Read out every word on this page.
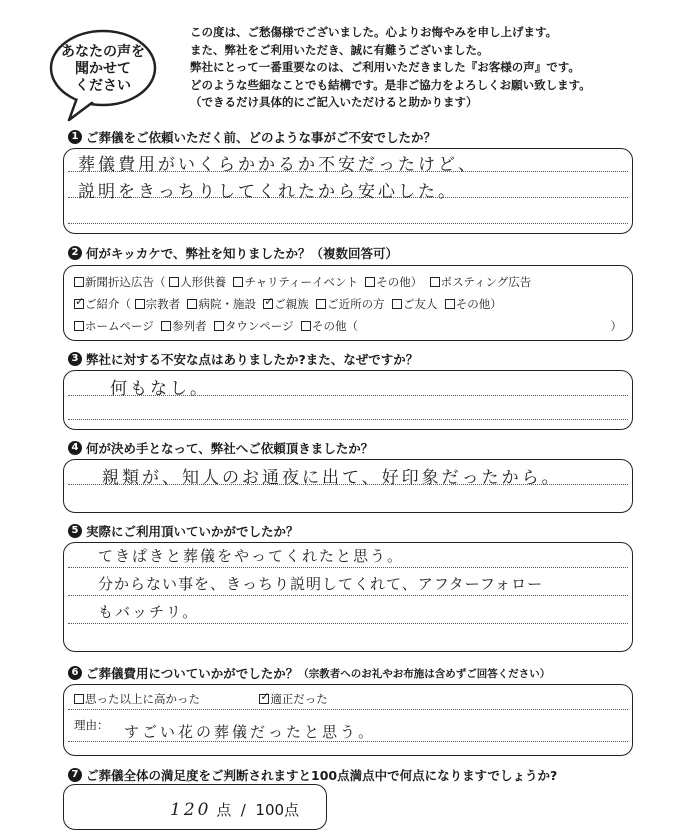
あなたの声を
聞かせて
ください
この度は、ご愁傷様でございました。心よりお悔やみを申し上げます。
また、弊社をご利用いただき、誠に有難うございました。
弊社にとって一番重要なのは、ご利用いただきました『お客様の声』です。
どのような些細なことでも結構です。是非ご協力をよろしくお願い致します。
（できるだけ具体的にご記入いただけると助かります）
1 ご葬儀をご依頼いただく前、どのような事がご不安でしたか？
葬儀費用がいくらかかるか不安だったけど、
説明をきっちりしてくれたから安心した。
2 何がキッカケで、弊社を知りましたか？（複数回答可）
新聞折込広告（ 人形供養 チャリティーイベント その他） ポスティング広告
✓ご紹介（ 宗教者 病院・施設 ✓ ご親族 ご近所の方 ご友人 その他）
ホームページ 参列者 タウンページ その他（	）
3 弊社に対する不安な点はありましたか?また、なぜですか？
何もなし。
4 何が決め手となって、弊社へご依頼頂きましたか？
親類が、知人のお通夜に出て、好印象だったから。
5 実際にご利用頂いていかがでしたか？
てきぱきと葬儀をやってくれたと思う。
分からない事を、きっちり説明してくれて、アフターフォロー
もバッチリ。
6 ご葬儀費用についていかがでしたか？ （宗教者へのお礼やお布施は含めずご回答ください）
思った以上に高かった ✓	適正だった
理由： すごい花の葬儀だったと思う。
7 ご葬儀全体の満足度をご判断されますと100点満点中で何点になりますでしょうか?
120 点 / 100点
